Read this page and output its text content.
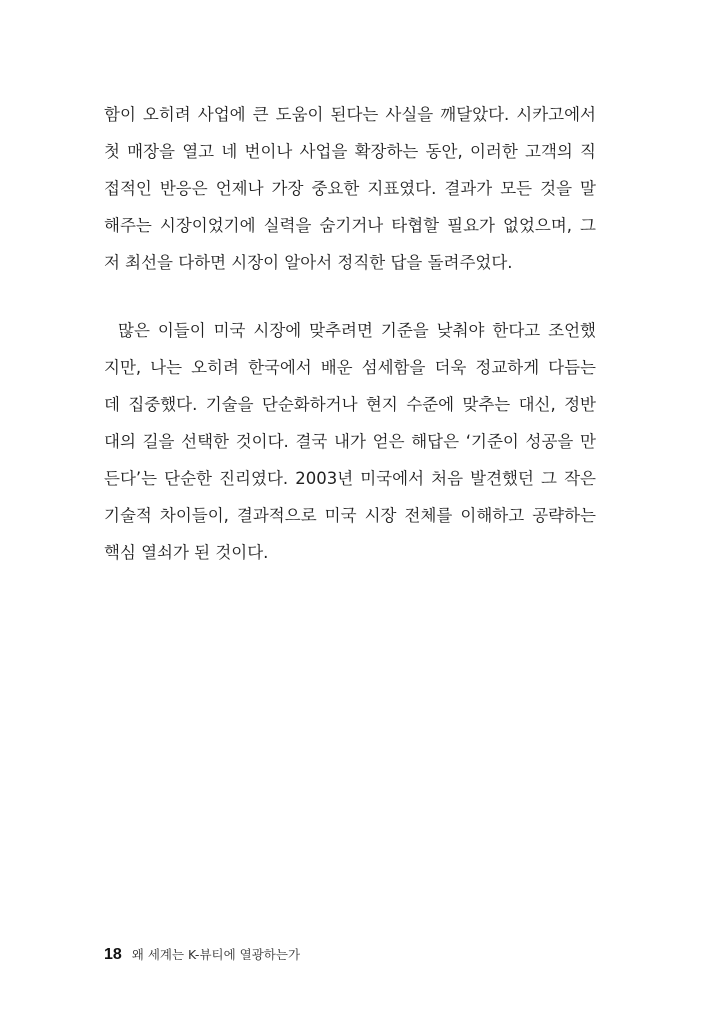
함이 오히려 사업에 큰 도움이 된다는 사실을 깨달았다. 시카고에서
첫 매장을 열고 네 번이나 사업을 확장하는 동안, 이러한 고객의 직
접적인 반응은 언제나 가장 중요한 지표였다. 결과가 모든 것을 말
해주는 시장이었기에 실력을 숨기거나 타협할 필요가 없었으며, 그
저 최선을 다하면 시장이 알아서 정직한 답을 돌려주었다.
많은 이들이 미국 시장에 맞추려면 기준을 낮춰야 한다고 조언했
지만, 나는 오히려 한국에서 배운 섬세함을 더욱 정교하게 다듬는
데 집중했다. 기술을 단순화하거나 현지 수준에 맞추는 대신, 정반
대의 길을 선택한 것이다. 결국 내가 얻은 해답은 ‘기준이 성공을 만
든다’는 단순한 진리였다. 2003년 미국에서 처음 발견했던 그 작은
기술적 차이들이, 결과적으로 미국 시장 전체를 이해하고 공략하는
핵심 열쇠가 된 것이다.
18 왜 세계는 K-뷰티에 열광하는가
